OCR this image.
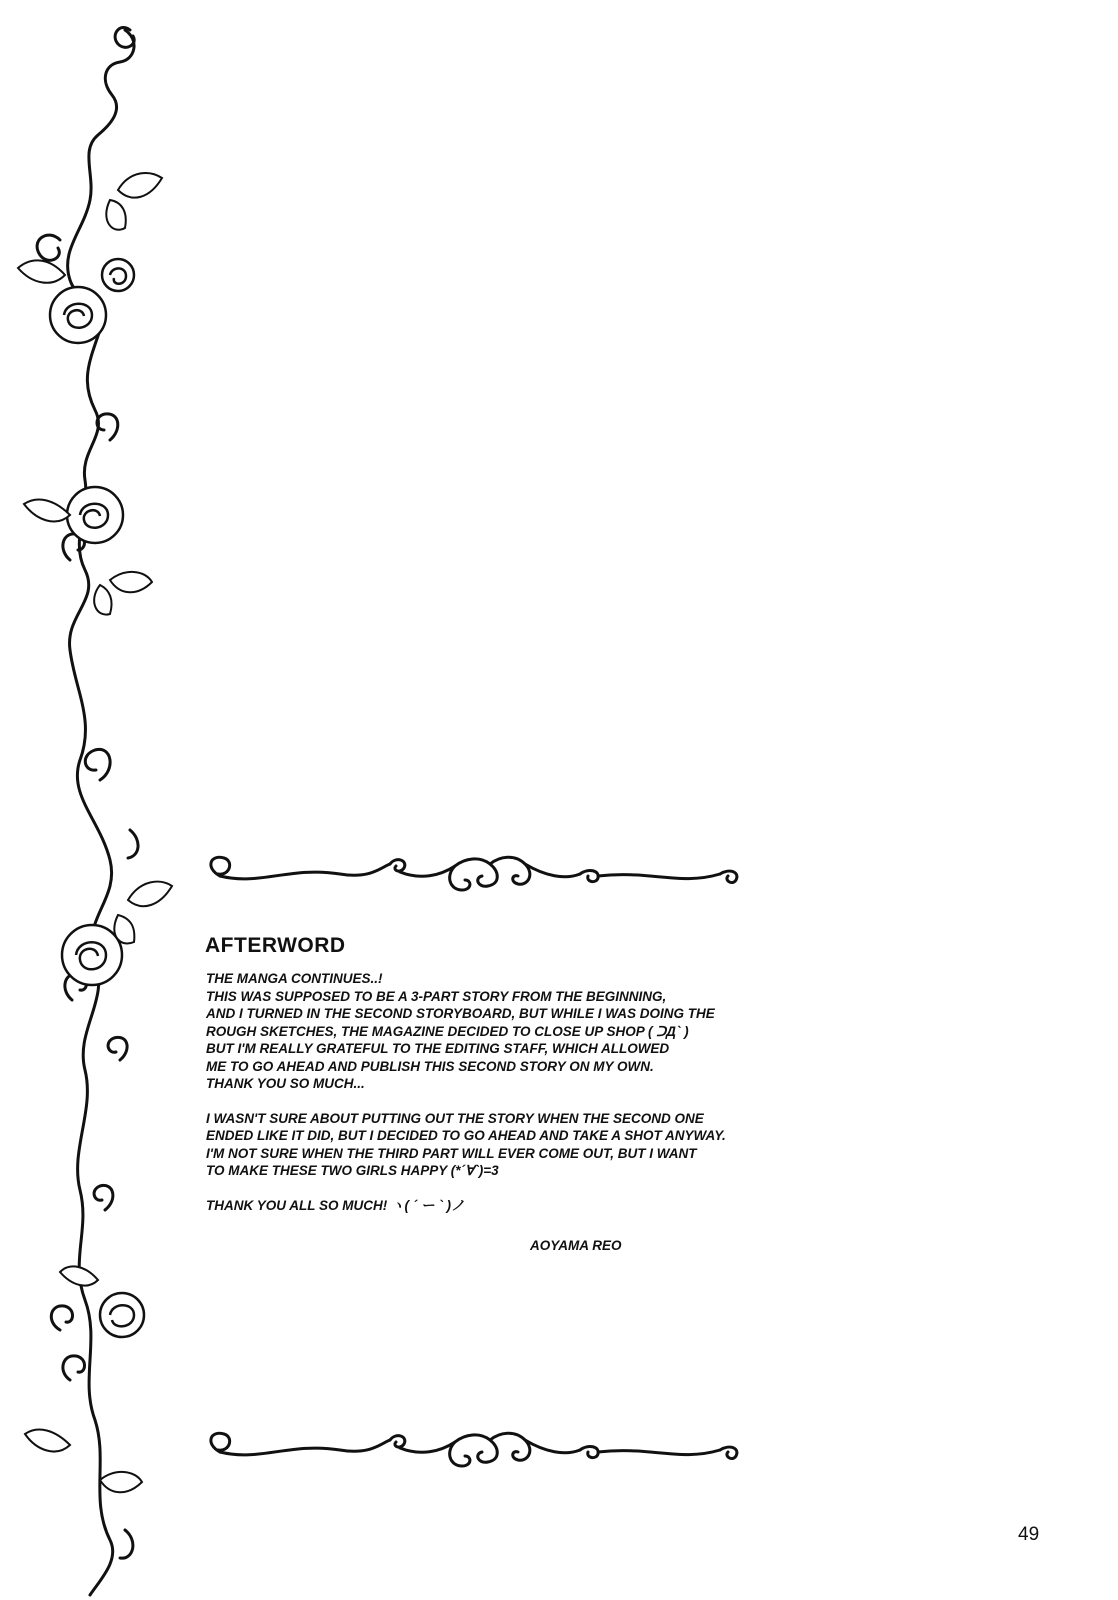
AFTERWORD

THE MANGA CONTINUES..!

THIS WAS SUPPOSED TO BE A 3-PART STORY FROM THE BEGINNING,

AND I TURNED IN THE SECOND STORYBOARD, BUT WHILE I WAS DOING THE

ROUGH SKETCHES, THE MAGAZINE DECIDED TO CLOSE UP SHOP ( ᑐДˋ )

BUT I'M REALLY GRATEFUL TO THE EDITING STAFF, WHICH ALLOWED

ME TO GO AHEAD AND PUBLISH THIS SECOND STORY ON MY OWN.

THANK YOU SO MUCH...

I WASN'T SURE ABOUT PUTTING OUT THE STORY WHEN THE SECOND ONE

ENDED LIKE IT DID, BUT I DECIDED TO GO AHEAD AND TAKE A SHOT ANYWAY.

I'M NOT SURE WHEN THE THIRD PART WILL EVER COME OUT, BUT I WANT

TO MAKE THESE TWO GIRLS HAPPY (*ˊ∀ˋ)=3

THANK YOU ALL SO MUCH! ヽ( ˊ ー ˋ )ノ

AOYAMA REO
49
